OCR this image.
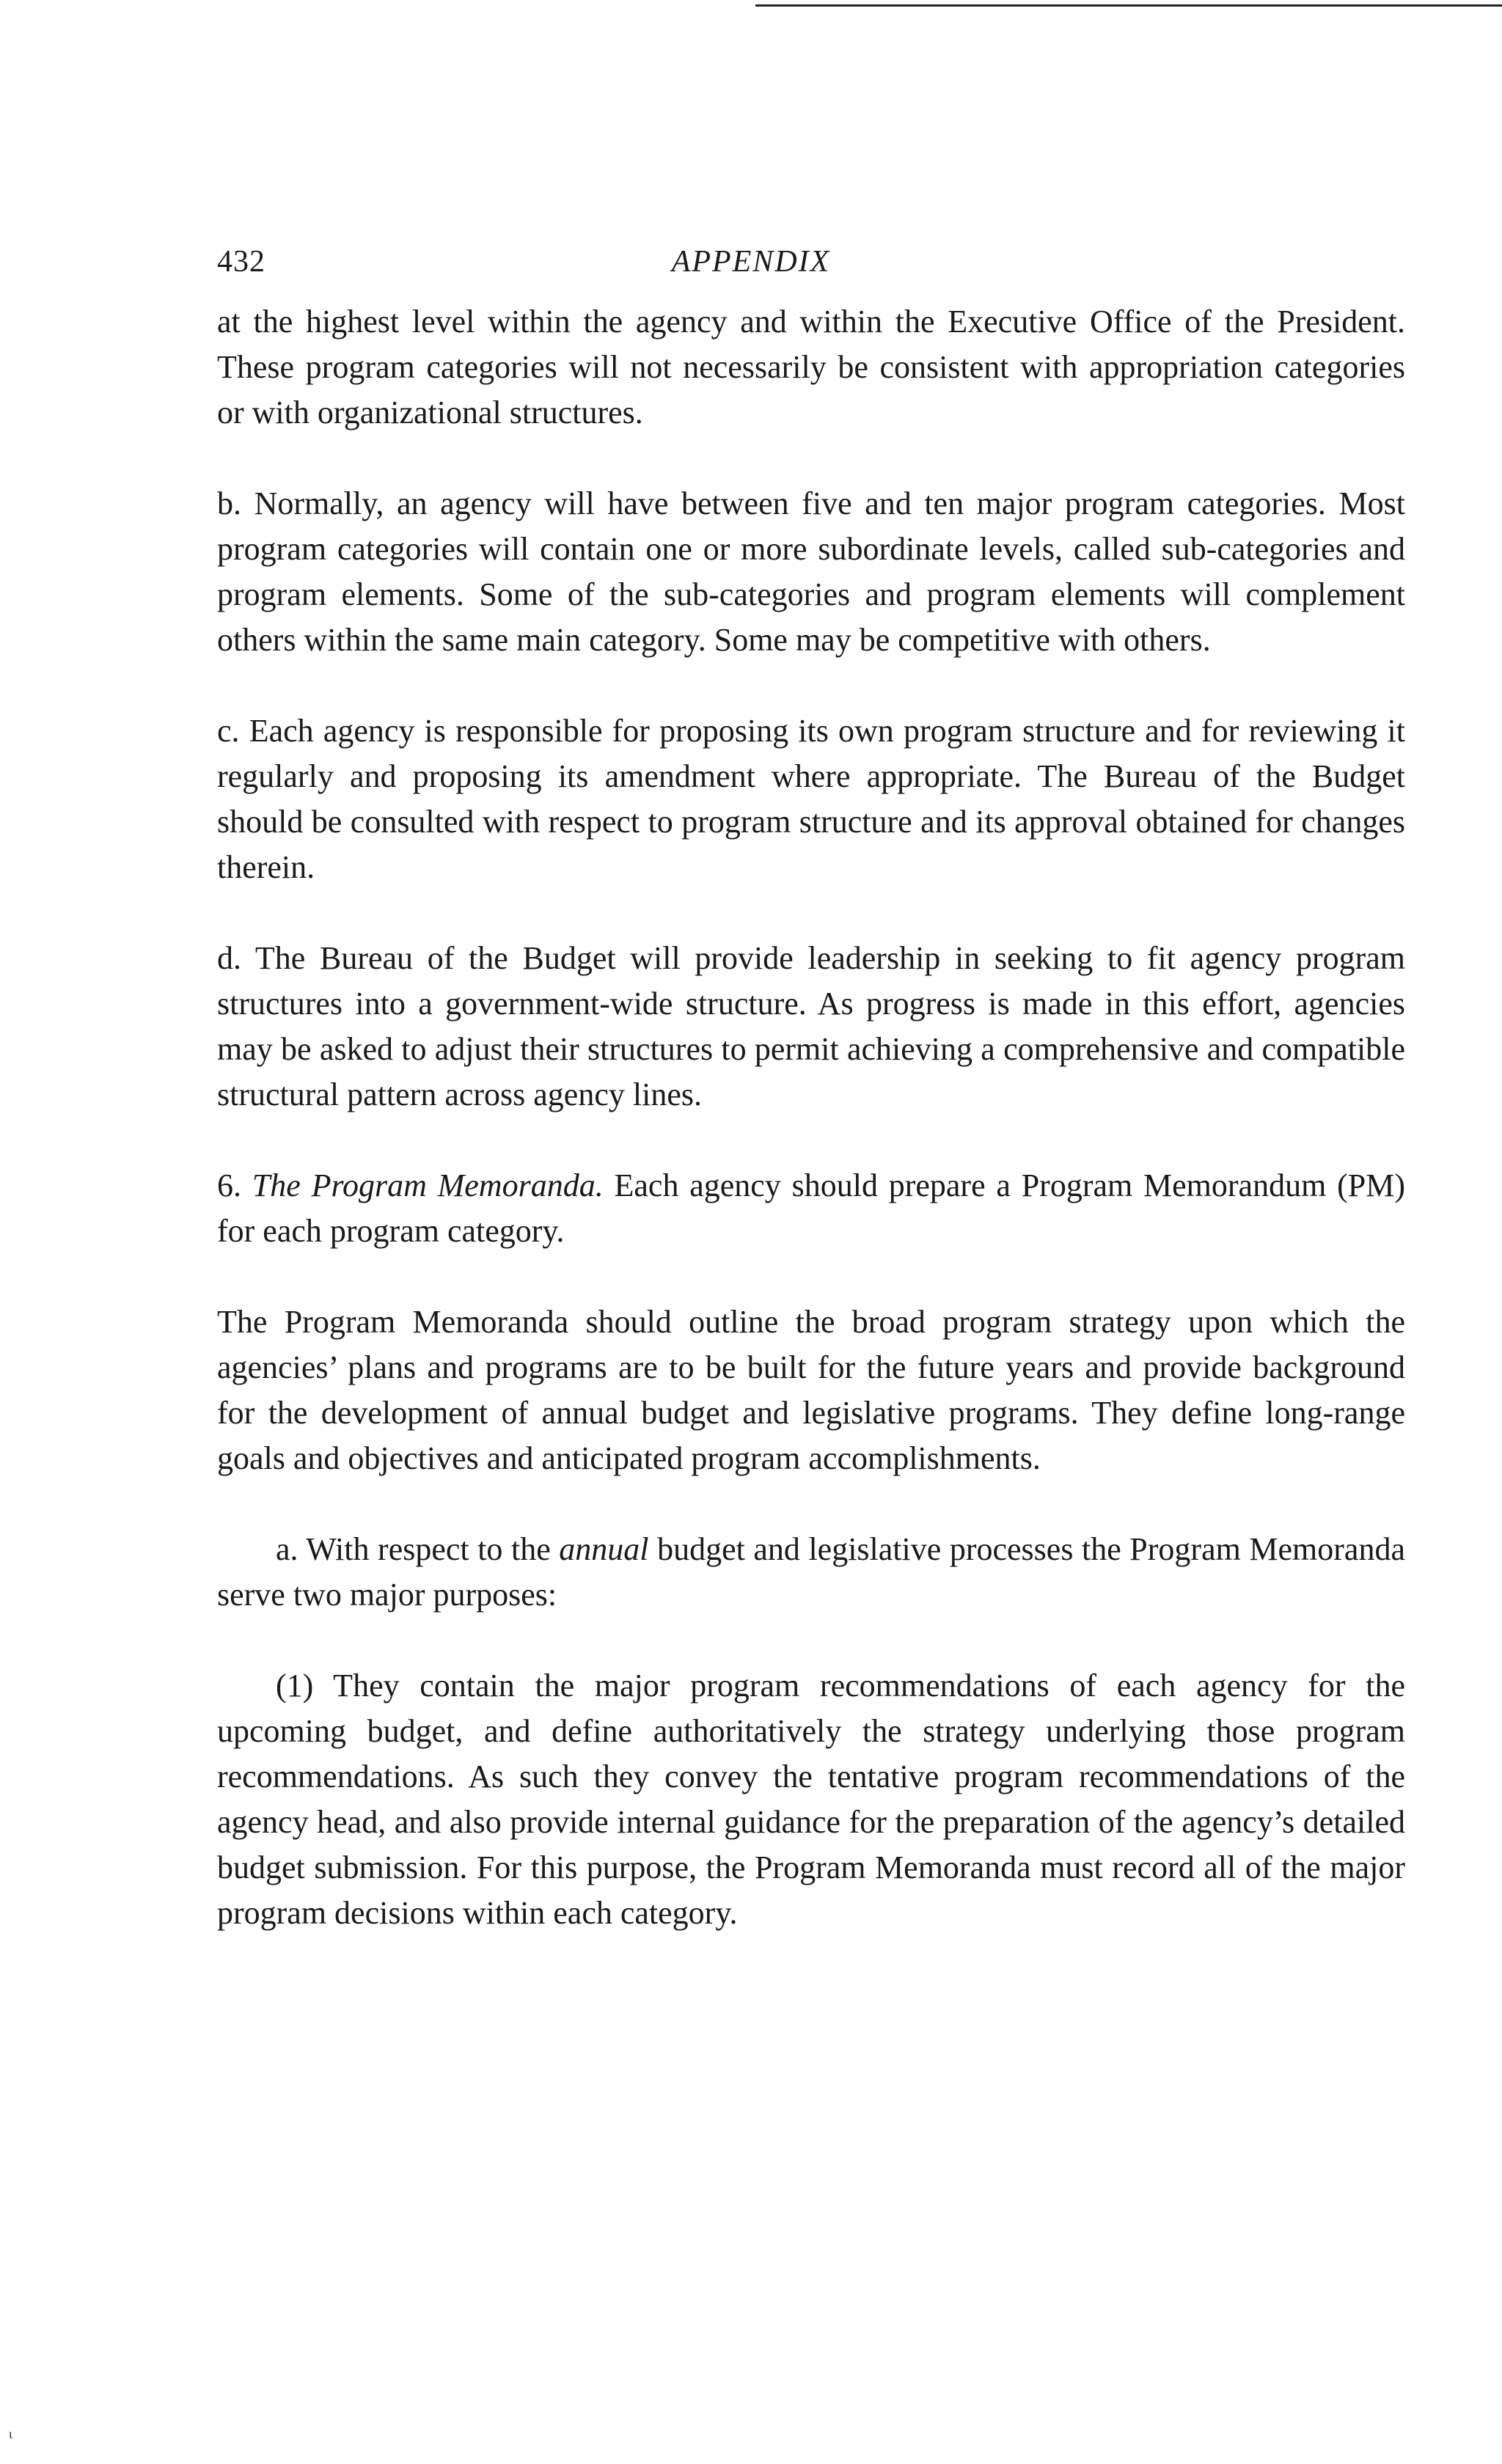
432	APPENDIX

at the highest level within the agency and within the Executive Office of the President. These program categories will not necessarily be consistent with appropriation categories or with organizational structures.

b. Normally, an agency will have between five and ten major program categories. Most program categories will contain one or more subordinate levels, called sub-categories and program elements. Some of the sub-categories and program elements will complement others within the same main category. Some may be competitive with others.

c. Each agency is responsible for proposing its own program structure and for reviewing it regularly and proposing its amendment where appropriate. The Bureau of the Budget should be consulted with respect to program structure and its approval obtained for changes therein.

d. The Bureau of the Budget will provide leadership in seeking to fit agency program structures into a government-wide structure. As progress is made in this effort, agencies may be asked to adjust their structures to permit achieving a comprehensive and compatible structural pattern across agency lines.

6. The Program Memoranda. Each agency should prepare a Program Memorandum (PM) for each program category.

The Program Memoranda should outline the broad program strategy upon which the agencies’ plans and programs are to be built for the future years and provide background for the development of annual budget and legislative programs. They define long-range goals and objectives and anticipated program accomplishments.

a. With respect to the annual budget and legislative processes the Program Memoranda serve two major purposes:

(1) They contain the major program recommendations of each agency for the upcoming budget, and define authoritatively the strategy underlying those program recommendations. As such they convey the tentative program recommendations of the agency head, and also provide internal guidance for the preparation of the agency’s detailed budget submission. For this purpose, the Program Memoranda must record all of the major program decisions within each category.

ι
